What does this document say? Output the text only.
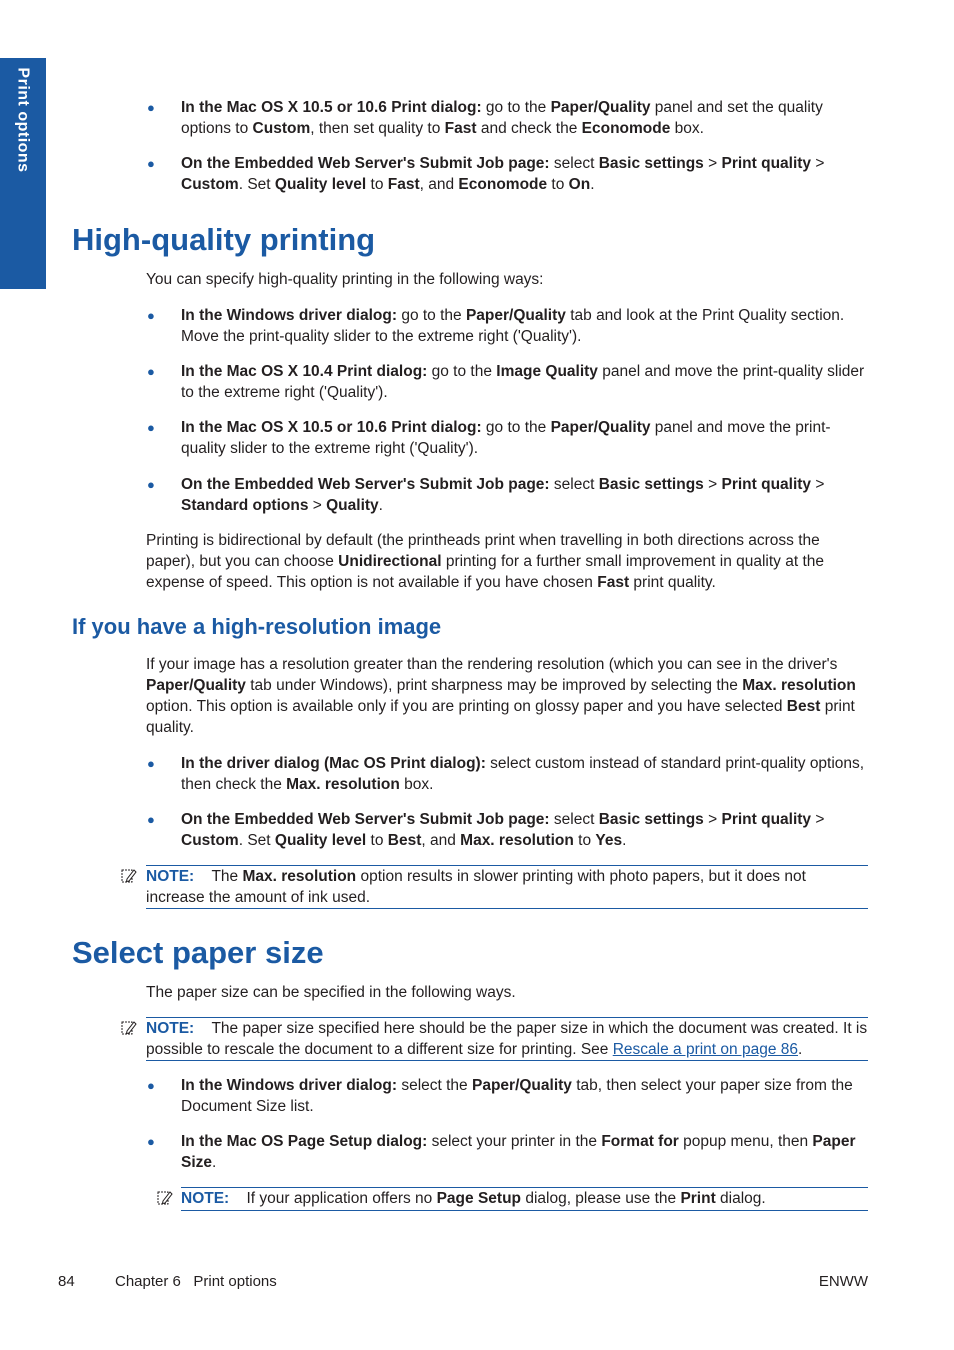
Print options	● In the Mac OS X 10.5 or 10.6 Print dialog: go to the Paper/Quality panel and set the quality options to Custom, then set quality to Fast and check the Economode box.
● On the Embedded Web Server's Submit Job page: select Basic settings > Print quality > Custom. Set Quality level to Fast, and Economode to On.
High-quality printing
You can specify high-quality printing in the following ways:
● In the Windows driver dialog: go to the Paper/Quality tab and look at the Print Quality section. Move the print-quality slider to the extreme right ('Quality').
● In the Mac OS X 10.4 Print dialog: go to the Image Quality panel and move the print-quality slider to the extreme right ('Quality').
● In the Mac OS X 10.5 or 10.6 Print dialog: go to the Paper/Quality panel and move the print-quality slider to the extreme right ('Quality').
● On the Embedded Web Server's Submit Job page: select Basic settings > Print quality > Standard options > Quality.
Printing is bidirectional by default (the printheads print when travelling in both directions across the paper), but you can choose Unidirectional printing for a further small improvement in quality at the expense of speed. This option is not available if you have chosen Fast print quality.
If you have a high-resolution image
If your image has a resolution greater than the rendering resolution (which you can see in the driver's Paper/Quality tab under Windows), print sharpness may be improved by selecting the Max. resolution option. This option is available only if you are printing on glossy paper and you have selected Best print quality.
● In the driver dialog (Mac OS Print dialog): select custom instead of standard print-quality options, then check the Max. resolution box.
● On the Embedded Web Server's Submit Job page: select Basic settings > Print quality > Custom. Set Quality level to Best, and Max. resolution to Yes.
NOTE: The Max. resolution option results in slower printing with photo papers, but it does not increase the amount of ink used.
Select paper size
The paper size can be specified in the following ways.
NOTE: The paper size specified here should be the paper size in which the document was created. It is possible to rescale the document to a different size for printing. See Rescale a print on page 86.
● In the Windows driver dialog: select the Paper/Quality tab, then select your paper size from the Document Size list.
● In the Mac OS Page Setup dialog: select your printer in the Format for popup menu, then Paper Size.
NOTE: If your application offers no Page Setup dialog, please use the Print dialog.
84	Chapter 6   Print options	ENWW
